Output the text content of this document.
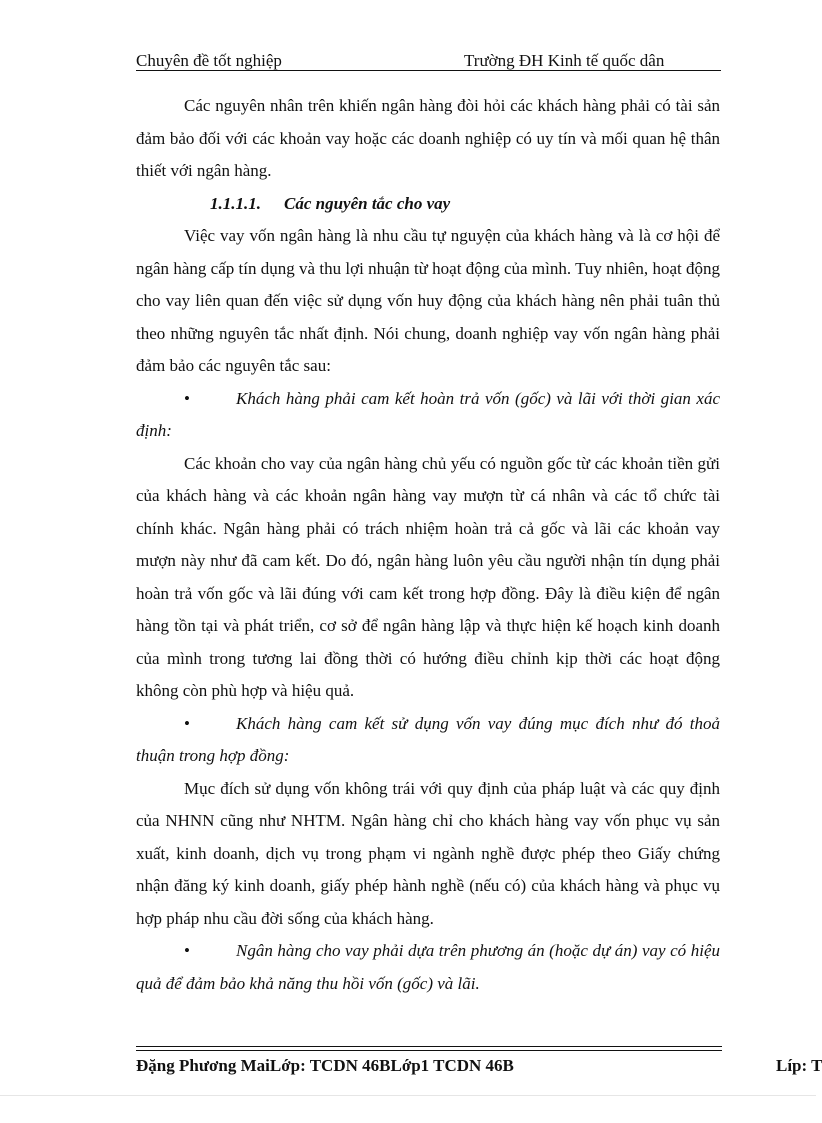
Chuyên đề tốt nghiệp	Trường ĐH Kinh tế quốc dân

Các nguyên nhân trên khiến ngân hàng đòi hỏi các khách hàng phải có tài sản đảm bảo đối với các khoản vay hoặc các doanh nghiệp có uy tín và mối quan hệ thân thiết với ngân hàng.

1.1.1.1. Các nguyên tắc cho vay

Việc vay vốn ngân hàng là nhu cầu tự nguyện của khách hàng và là cơ hội để ngân hàng cấp tín dụng và thu lợi nhuận từ hoạt động của mình. Tuy nhiên, hoạt động cho vay liên quan đến việc sử dụng vốn huy động của khách hàng nên phải tuân thủ theo những nguyên tắc nhất định. Nói chung, doanh nghiệp vay vốn ngân hàng phải đảm bảo các nguyên tắc sau:

•	Khách hàng phải cam kết hoàn trả vốn (gốc) và lãi với thời gian xác định:

Các khoản cho vay của ngân hàng chủ yếu có nguồn gốc từ các khoản tiền gửi của khách hàng và các khoản ngân hàng vay mượn từ cá nhân và các tổ chức tài chính khác. Ngân hàng phải có trách nhiệm hoàn trả cả gốc và lãi các khoản vay mượn này như đã cam kết. Do đó, ngân hàng luôn yêu cầu người nhận tín dụng phải hoàn trả vốn gốc và lãi đúng với cam kết trong hợp đồng. Đây là điều kiện để ngân hàng tồn tại và phát triển, cơ sở để ngân hàng lập và thực hiện kế hoạch kinh doanh của mình trong tương lai đồng thời có hướng điều chỉnh kịp thời các hoạt động không còn phù hợp và hiệu quả.

•	Khách hàng cam kết sử dụng vốn vay đúng mục đích như đó thoả thuận trong hợp đồng:

Mục đích sử dụng vốn không trái với quy định của pháp luật và các quy định của NHNN cũng như NHTM. Ngân hàng chỉ cho khách hàng vay vốn phục vụ sản xuất, kinh doanh, dịch vụ trong phạm vi ngành nghề được phép theo Giấy chứng nhận đăng ký kinh doanh, giấy phép hành nghề (nếu có) của khách hàng và phục vụ hợp pháp nhu cầu đời sống của khách hàng.

•	Ngân hàng cho vay phải dựa trên phương án (hoặc dự án) vay có hiệu quả để đảm bảo khả năng thu hồi vốn (gốc) và lãi.

Đặng Phương MaiLớp: TCDN 46BLớp1 TCDN 46B	Líp: T
